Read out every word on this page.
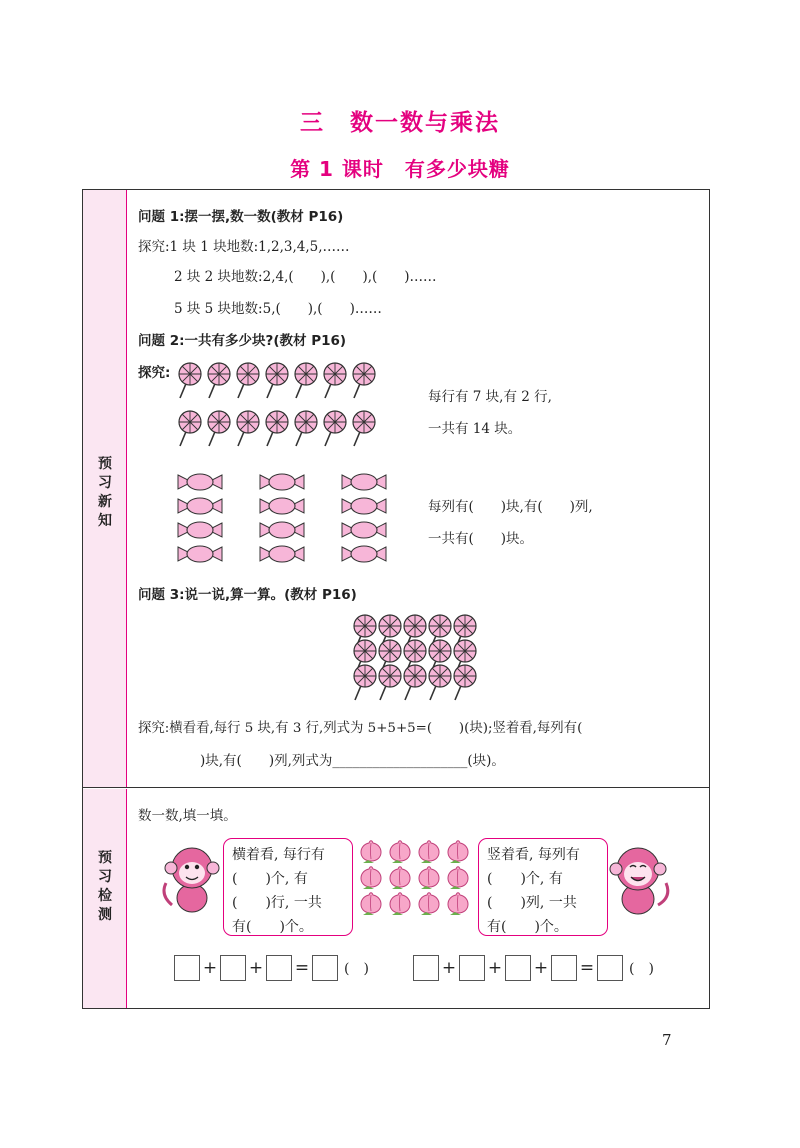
三　数一数与乘法
第 1 课时　有多少块糖
预习新知
预习检测
问题 1:摆一摆,数一数(教材 P16)
探究:1 块 1 块地数:1,2,3,4,5,……
2 块 2 块地数:2,4,(　　),(　　),(　　)……
5 块 5 块地数:5,(　　),(　　)……
问题 2:一共有多少块?(教材 P16)
探究:
每行有 7 块,有 2 行,
一共有 14 块。
每列有(　　)块,有(　　)列,
一共有(　　)块。
问题 3:说一说,算一算。(教材 P16)
探究:横看看,每行 5 块,有 3 行,列式为 5+5+5=(　　)(块);竖着看,每列有(
)块,有(　　)列,列式为____________________(块)。
数一数,填一填。
横着看, 每行有
(　　)个, 有
(　　)行, 一共
有(　　)个。
竖着看, 每列有
(　　)个, 有
(　　)列, 一共
有(　　)个。
+ + = (　)	+ + + = (　)
7
